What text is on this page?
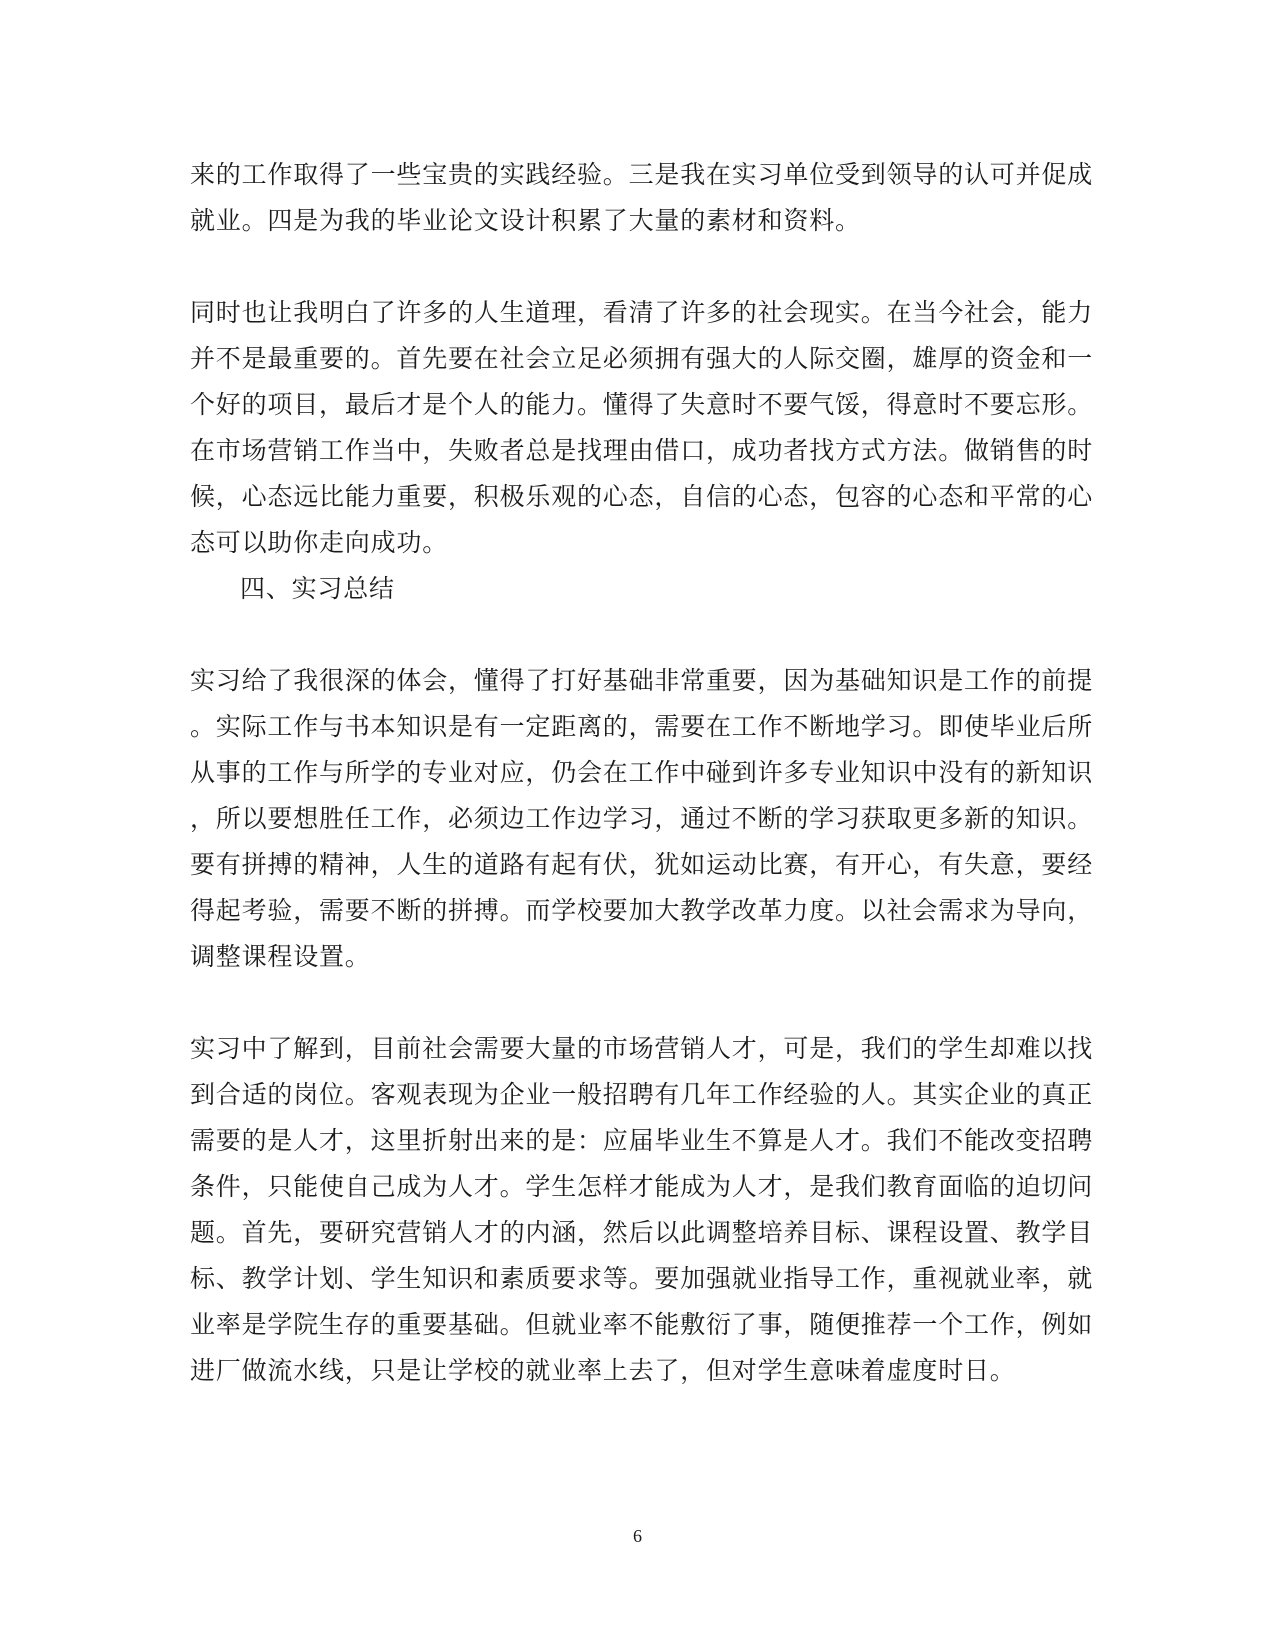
来的工作取得了一些宝贵的实践经验。三是我在实习单位受到领导的认可并促成
就业。四是为我的毕业论文设计积累了大量的素材和资料。
同时也让我明白了许多的人生道理，看清了许多的社会现实。在当今社会，能力
并不是最重要的。首先要在社会立足必须拥有强大的人际交圈，雄厚的资金和一
个好的项目，最后才是个人的能力。懂得了失意时不要气馁，得意时不要忘形。
在市场营销工作当中，失败者总是找理由借口，成功者找方式方法。做销售的时
候，心态远比能力重要，积极乐观的心态，自信的心态，包容的心态和平常的心
态可以助你走向成功。
四、实习总结
实习给了我很深的体会，懂得了打好基础非常重要，因为基础知识是工作的前提
。实际工作与书本知识是有一定距离的，需要在工作不断地学习。即使毕业后所
从事的工作与所学的专业对应，仍会在工作中碰到许多专业知识中没有的新知识
，所以要想胜任工作，必须边工作边学习，通过不断的学习获取更多新的知识。
要有拼搏的精神，人生的道路有起有伏，犹如运动比赛，有开心，有失意，要经
得起考验，需要不断的拼搏。而学校要加大教学改革力度。以社会需求为导向，
调整课程设置。
实习中了解到，目前社会需要大量的市场营销人才，可是，我们的学生却难以找
到合适的岗位。客观表现为企业一般招聘有几年工作经验的人。其实企业的真正
需要的是人才，这里折射出来的是：应届毕业生不算是人才。我们不能改变招聘
条件，只能使自己成为人才。学生怎样才能成为人才，是我们教育面临的迫切问
题。首先，要研究营销人才的内涵，然后以此调整培养目标、课程设置、教学目
标、教学计划、学生知识和素质要求等。要加强就业指导工作，重视就业率，就
业率是学院生存的重要基础。但就业率不能敷衍了事，随便推荐一个工作，例如
进厂做流水线，只是让学校的就业率上去了，但对学生意味着虚度时日。
6
